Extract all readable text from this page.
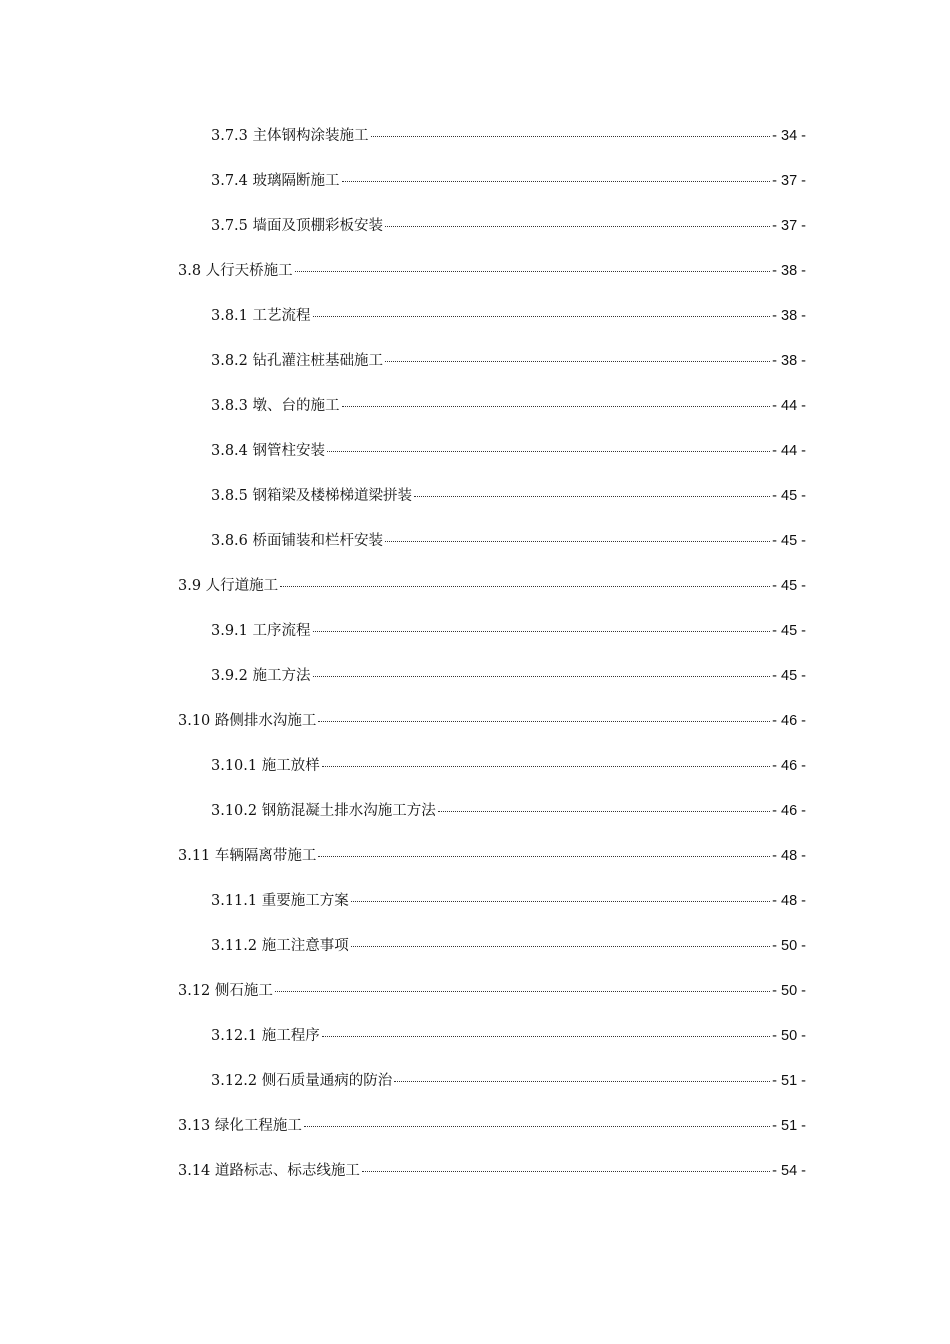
3.7.3 主体钢构涂装施工	- 34 -
3.7.4 玻璃隔断施工	- 37 -
3.7.5 墙面及顶棚彩板安装	- 37 -
3.8 人行天桥施工	- 38 -
3.8.1 工艺流程	- 38 -
3.8.2 钻孔灌注桩基础施工	- 38 -
3.8.3 墩、台的施工	- 44 -
3.8.4 钢管柱安装	- 44 -
3.8.5 钢箱梁及楼梯梯道梁拼装	- 45 -
3.8.6 桥面铺装和栏杆安装	- 45 -
3.9 人行道施工	- 45 -
3.9.1 工序流程	- 45 -
3.9.2 施工方法	- 45 -
3.10 路侧排水沟施工	- 46 -
3.10.1 施工放样	- 46 -
3.10.2 钢筋混凝土排水沟施工方法	- 46 -
3.11 车辆隔离带施工	- 48 -
3.11.1 重要施工方案	- 48 -
3.11.2 施工注意事项	- 50 -
3.12 侧石施工	- 50 -
3.12.1 施工程序	- 50 -
3.12.2 侧石质量通病的防治	- 51 -
3.13 绿化工程施工	- 51 -
3.14 道路标志、标志线施工	- 54 -
